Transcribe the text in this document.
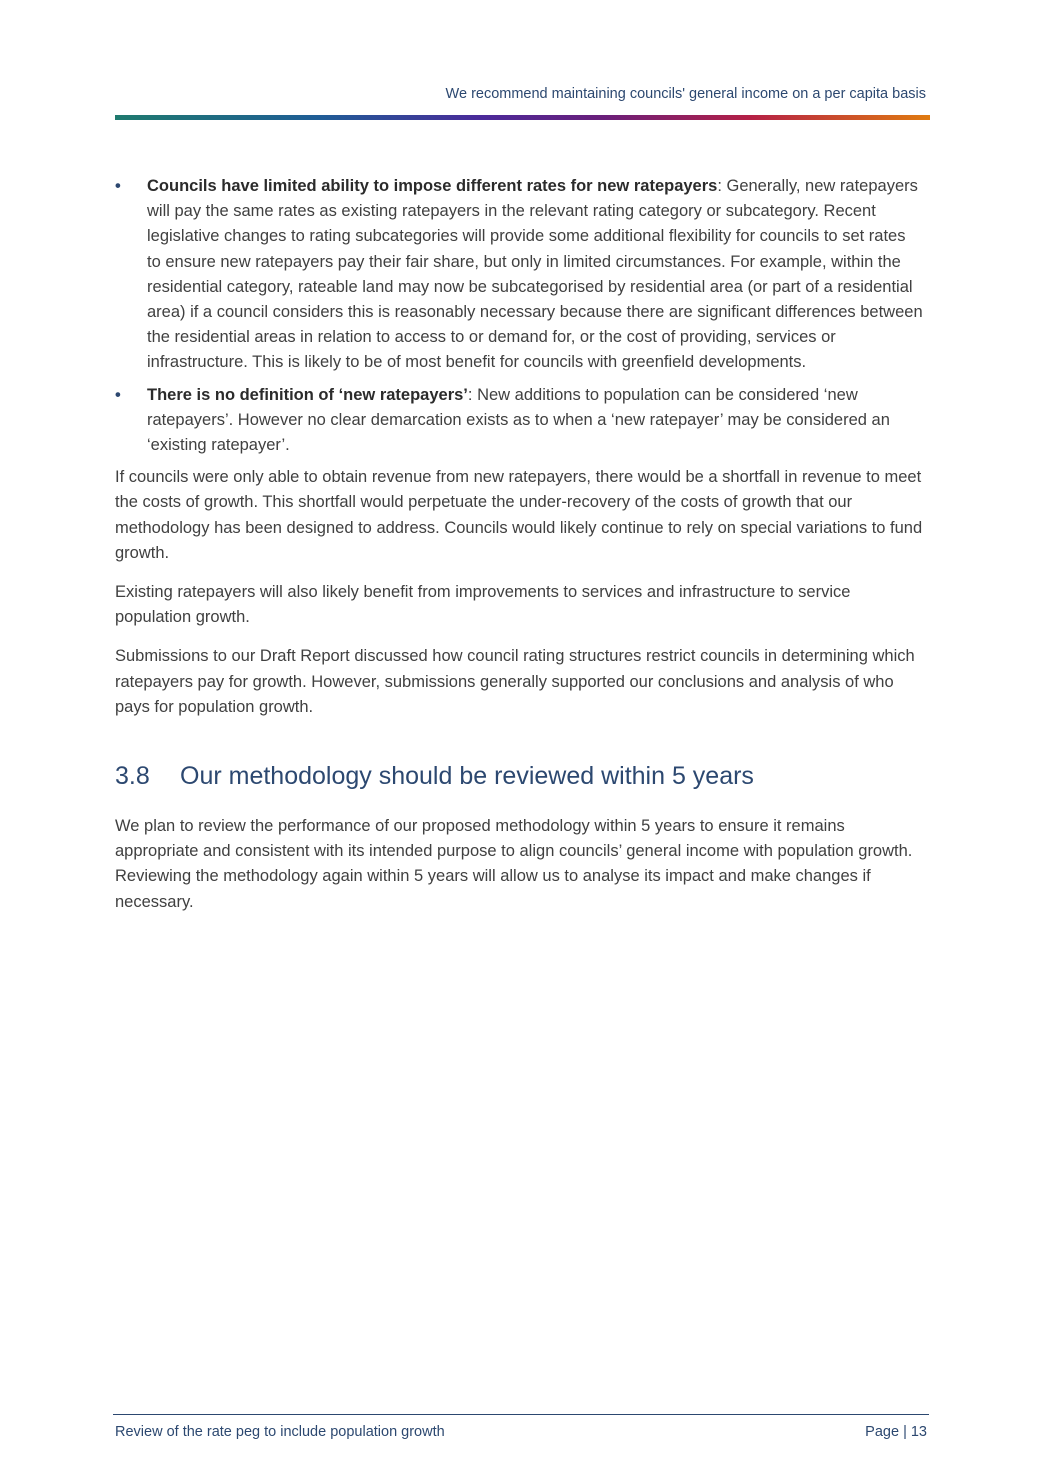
We recommend maintaining councils' general income on a per capita basis
• Councils have limited ability to impose different rates for new ratepayers: Generally, new ratepayers will pay the same rates as existing ratepayers in the relevant rating category or subcategory. Recent legislative changes to rating subcategories will provide some additional flexibility for councils to set rates to ensure new ratepayers pay their fair share, but only in limited circumstances. For example, within the residential category, rateable land may now be subcategorised by residential area (or part of a residential area) if a council considers this is reasonably necessary because there are significant differences between the residential areas in relation to access to or demand for, or the cost of providing, services or infrastructure. This is likely to be of most benefit for councils with greenfield developments.
• There is no definition of ‘new ratepayers’: New additions to population can be considered ‘new ratepayers’. However no clear demarcation exists as to when a ‘new ratepayer’ may be considered an ‘existing ratepayer’.

If councils were only able to obtain revenue from new ratepayers, there would be a shortfall in revenue to meet the costs of growth. This shortfall would perpetuate the under-recovery of the costs of growth that our methodology has been designed to address. Councils would likely continue to rely on special variations to fund growth.

Existing ratepayers will also likely benefit from improvements to services and infrastructure to service population growth.

Submissions to our Draft Report discussed how council rating structures restrict councils in determining which ratepayers pay for growth. However, submissions generally supported our conclusions and analysis of who pays for population growth.

3.8 Our methodology should be reviewed within 5 years

We plan to review the performance of our proposed methodology within 5 years to ensure it remains appropriate and consistent with its intended purpose to align councils’ general income with population growth. Reviewing the methodology again within 5 years will allow us to analyse its impact and make changes if necessary.

Review of the rate peg to include population growth	Page | 13
